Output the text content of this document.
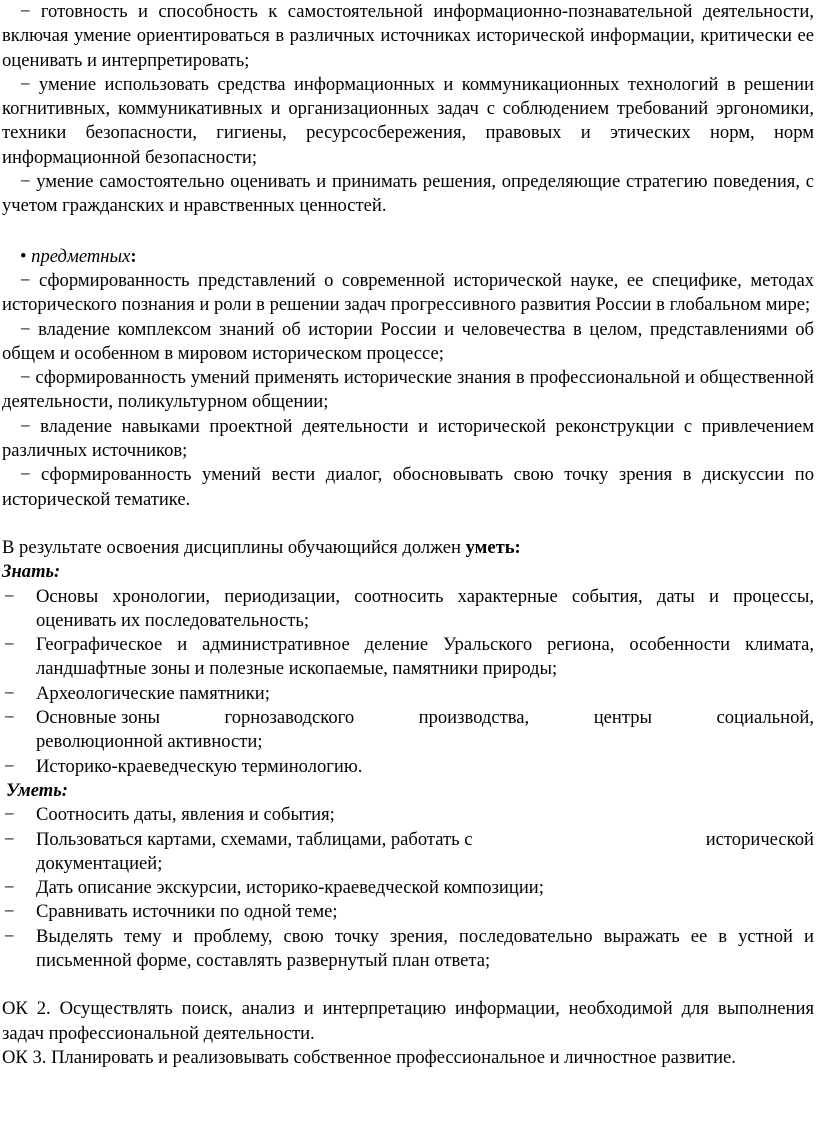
− готовность и способность к самостоятельной информационно-познавательной деятельности, включая умение ориентироваться в различных источниках исторической информации, критически ее оценивать и интерпретировать;

− умение использовать средства информационных и коммуникационных технологий в решении когнитивных, коммуникативных и организационных задач с соблюдением требований эргономики, техники безопасности, гигиены, ресурсосбережения, правовых и этических норм, норм информационной безопасности;

− умение самостоятельно оценивать и принимать решения, определяющие стратегию поведения, с учетом гражданских и нравственных ценностей.

• предметных:

− сформированность представлений о современной исторической науке, ее специфике, методах исторического познания и роли в решении задач прогрессивного развития России в глобальном мире;

− владение комплексом знаний об истории России и человечества в целом, представлениями об общем и особенном в мировом историческом процессе;

− сформированность умений применять исторические знания в профессиональной и общественной деятельности, поликультурном общении;

− владение навыками проектной деятельности и исторической реконструкции с привлечением различных источников;

− сформированность умений вести диалог, обосновывать свою точку зрения в дискуссии по исторической тематике.

В результате освоения дисциплины обучающийся должен уметь:

Знать:

− Основы хронологии, периодизации, соотносить характерные события, даты и процессы, оценивать их последовательность;
− Географическое и административное деление Уральского региона, особенности климата, ландшафтные зоны и полезные ископаемые, памятники природы;
− Археологические памятники;
− Основные зоны	горнозаводского	производства,	центры	социальной,
революционной активности;
− Историко-краеведческую терминологию.

Уметь:

− Соотносить даты, явления и события;
− Пользоваться картами, схемами, таблицами, работать с	исторической
документацией;
− Дать описание экскурсии, историко-краеведческой композиции;
− Сравнивать источники по одной теме;
− Выделять тему и проблему, свою точку зрения, последовательно выражать ее в устной и письменной форме, составлять развернутый план ответа;

ОК 2. Осуществлять поиск, анализ и интерпретацию информации, необходимой для выполнения задач профессиональной деятельности.

ОК 3. Планировать и реализовывать собственное профессиональное и личностное развитие.
